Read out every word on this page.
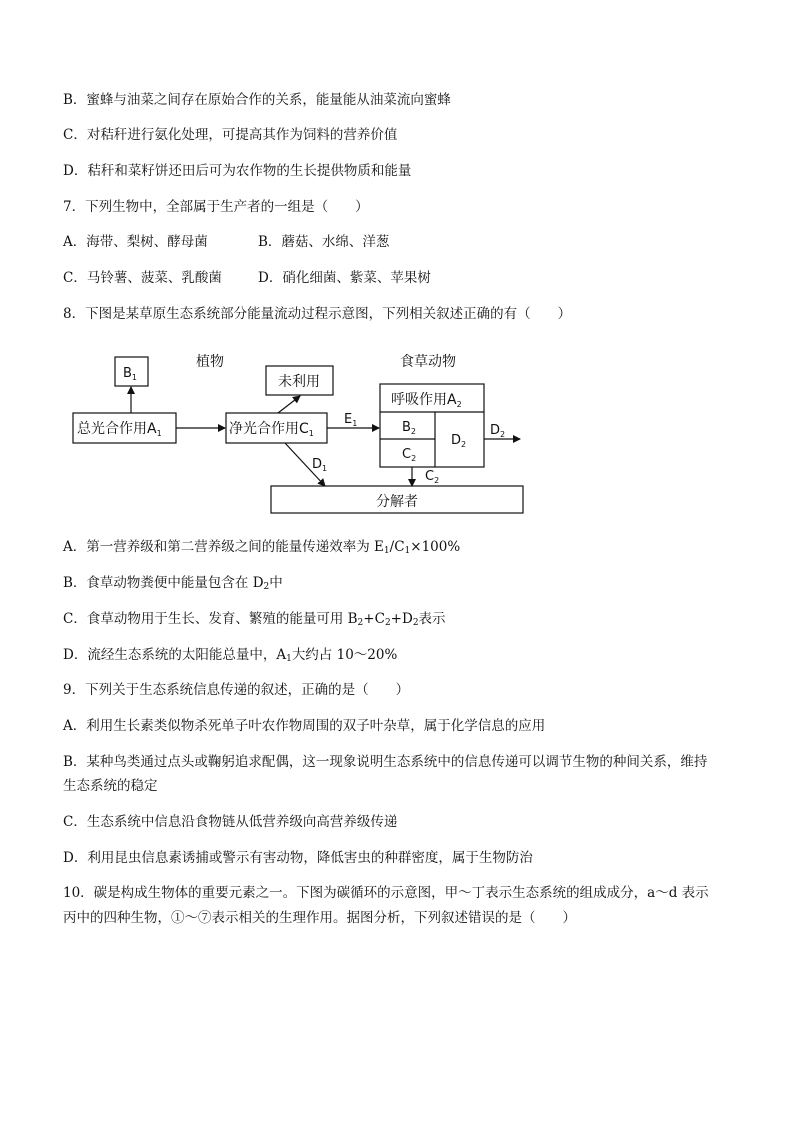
B．蜜蜂与油菜之间存在原始合作的关系，能量能从油菜流向蜜蜂
C．对秸秆进行氨化处理，可提高其作为饲料的营养价值
D．秸秆和菜籽饼还田后可为农作物的生长提供物质和能量
7．下列生物中，全部属于生产者的一组是（　　）
A．海带、梨树、酵母菌	B．蘑菇、水绵、洋葱
C．马铃薯、菠菜、乳酸菌	D．硝化细菌、紫菜、苹果树
8．下图是某草原生态系统部分能量流动过程示意图，下列相关叙述正确的有（　　）
植物	食草动物
$B_1$
总光合作用$A_1$
未利用
净光合作用$C_1$
$E_1$
呼吸作用$A_2$
$B_2$
$C_2$
$D_2$
$D_2$
$D_1$
$C_2$
分解者
A．第一营养级和第二营养级之间的能量传递效率为 $E_1/C_1\times 100\%$
B．食草动物粪便中能量包含在 $D_2$中
C．食草动物用于生长、发育、繁殖的能量可用 $B_2+C_2+D_2$表示
D．流经生态系统的太阳能总量中，$A_1$大约占 10～20%
9．下列关于生态系统信息传递的叙述，正确的是（　　）
A．利用生长素类似物杀死单子叶农作物周围的双子叶杂草，属于化学信息的应用
B．某种鸟类通过点头或鞠躬追求配偶，这一现象说明生态系统中的信息传递可以调节生物的种间关系，维持
生态系统的稳定
C．生态系统中信息沿食物链从低营养级向高营养级传递
D．利用昆虫信息素诱捕或警示有害动物，降低害虫的种群密度，属于生物防治
10．碳是构成生物体的重要元素之一。下图为碳循环的示意图，甲～丁表示生态系统的组成成分，a～d 表示
丙中的四种生物，①～⑦表示相关的生理作用。据图分析，下列叙述错误的是（　　）
